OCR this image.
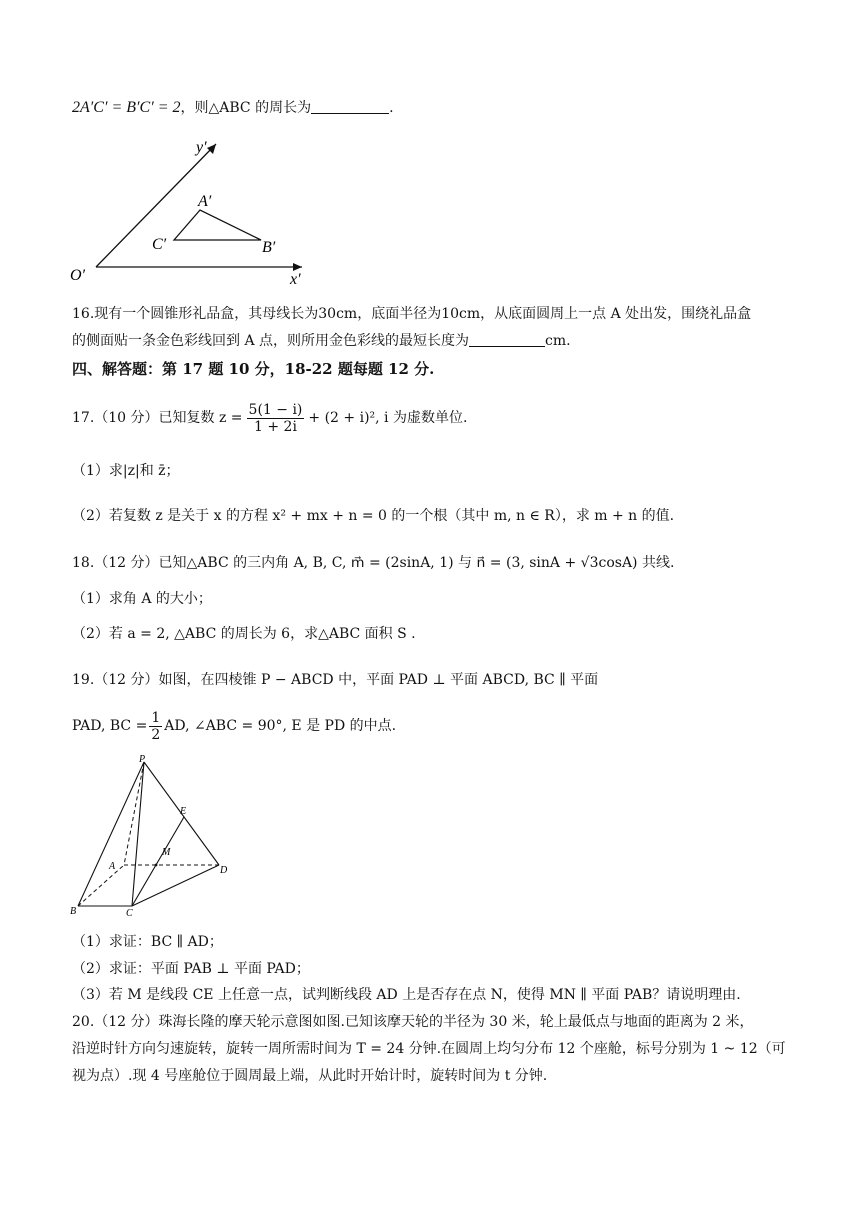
2A′C′ = B′C′ = 2，则△ABC 的周长为	.
y′
A′
C′	B′
O′	x′
16.现有一个圆锥形礼品盒，其母线长为30cm，底面半径为10cm，从底面圆周上一点 A 处出发，围绕礼品盒
的侧面贴一条金色彩线回到 A 点，则所用金色彩线的最短长度为	cm.
四、解答题：第 17 题 10 分，18-22 题每题 12 分.
17.（10 分）已知复数 $z = \frac{5(1 - i)}{1 + 2i} + (2 + i)^2$, i 为虚数单位.
（1）求|z|和 z̄；
（2）若复数 z 是关于 x 的方程 x² + mx + n = 0 的一个根（其中 m, n ∈ R），求 m + n 的值.
18.（12 分）已知△ABC 的三内角 A, B, C, m⃗ = (2sinA, 1) 与 n⃗ = (3, sinA + √3cosA) 共线.
（1）求角 A 的大小；
（2）若 a = 2, △ABC 的周长为 6，求△ABC 面积 S .
19.（12 分）如图，在四棱锥 P − ABCD 中，平面 PAD ⊥ 平面 ABCD, BC ∥ 平面
PAD, BC = $\frac{1}{2}$ AD, ∠ABC = 90°, E 是 PD 的中点.
P
E
M
A	D
B	C
（1）求证：BC ∥ AD；
（2）求证：平面 PAB ⊥ 平面 PAD；
（3）若 M 是线段 CE 上任意一点，试判断线段 AD 上是否存在点 N，使得 MN ∥ 平面 PAB？请说明理由.
20.（12 分）珠海长隆的摩天轮示意图如图.已知该摩天轮的半径为 30 米，轮上最低点与地面的距离为 2 米，
沿逆时针方向匀速旋转，旋转一周所需时间为 T = 24 分钟.在圆周上均匀分布 12 个座舱，标号分别为 1 ~ 12（可
视为点）.现 4 号座舱位于圆周最上端，从此时开始计时，旋转时间为 t 分钟.
